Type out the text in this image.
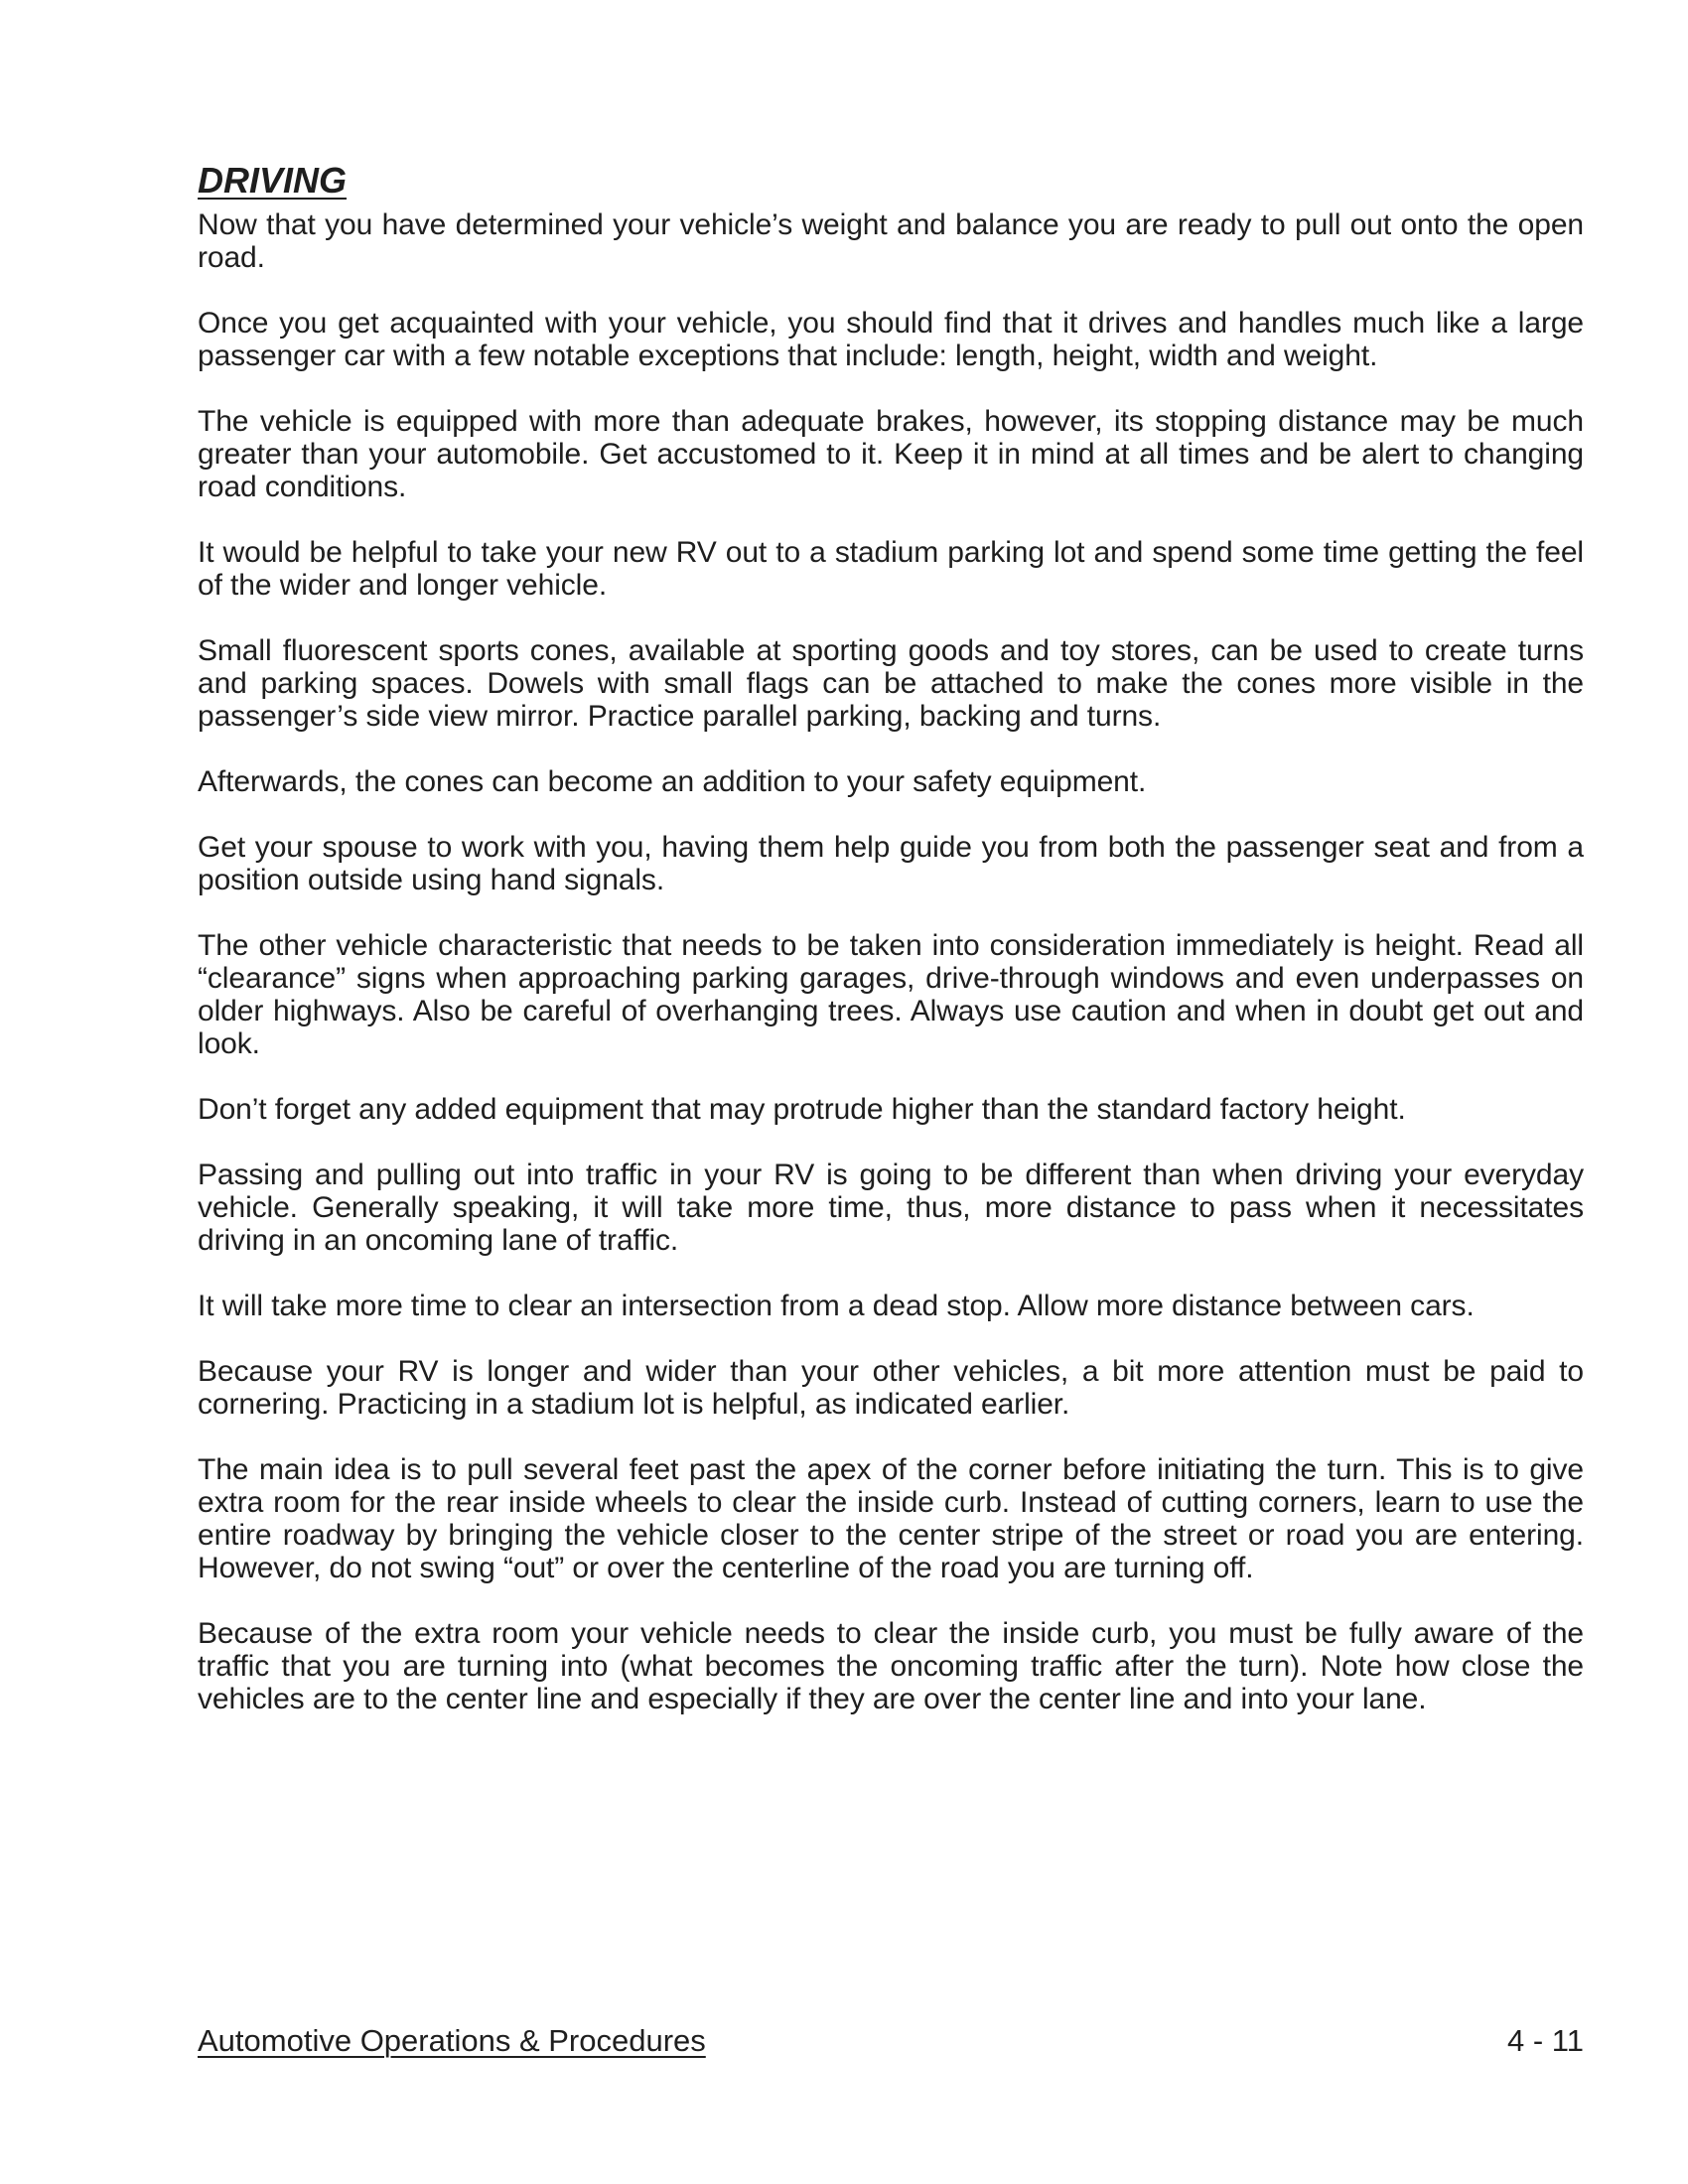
DRIVING

Now that you have determined your vehicle’s weight and balance you are ready to pull out onto the open road.

Once you get acquainted with your vehicle, you should find that it drives and handles much like a large passenger car with a few notable exceptions that include: length, height, width and weight.

The vehicle is equipped with more than adequate brakes, however, its stopping distance may be much greater than your automobile. Get accustomed to it. Keep it in mind at all times and be alert to changing road conditions.

It would be helpful to take your new RV out to a stadium parking lot and spend some time getting the feel of the wider and longer vehicle.

Small fluorescent sports cones, available at sporting goods and toy stores, can be used to create turns and parking spaces. Dowels with small flags can be attached to make the cones more visible in the passenger’s side view mirror. Practice parallel parking, backing and turns.

Afterwards, the cones can become an addition to your safety equipment.

Get your spouse to work with you, having them help guide you from both the passenger seat and from a position outside using hand signals.

The other vehicle characteristic that needs to be taken into consideration immediately is height. Read all “clearance” signs when approaching parking garages, drive-through windows and even underpasses on older highways. Also be careful of overhanging trees. Always use caution and when in doubt get out and look.

Don’t forget any added equipment that may protrude higher than the standard factory height.

Passing and pulling out into traffic in your RV is going to be different than when driving your everyday vehicle. Generally speaking, it will take more time, thus, more distance to pass when it necessitates driving in an oncoming lane of traffic.

It will take more time to clear an intersection from a dead stop. Allow more distance between cars.

Because your RV is longer and wider than your other vehicles, a bit more attention must be paid to cornering. Practicing in a stadium lot is helpful, as indicated earlier.

The main idea is to pull several feet past the apex of the corner before initiating the turn. This is to give extra room for the rear inside wheels to clear the inside curb. Instead of cutting corners, learn to use the entire roadway by bringing the vehicle closer to the center stripe of the street or road you are entering. However, do not swing “out” or over the centerline of the road you are turning off.

Because of the extra room your vehicle needs to clear the inside curb, you must be fully aware of the traffic that you are turning into (what becomes the oncoming traffic after the turn). Note how close the vehicles are to the center line and especially if they are over the center line and into your lane.

Automotive Operations & Procedures	4 - 11
